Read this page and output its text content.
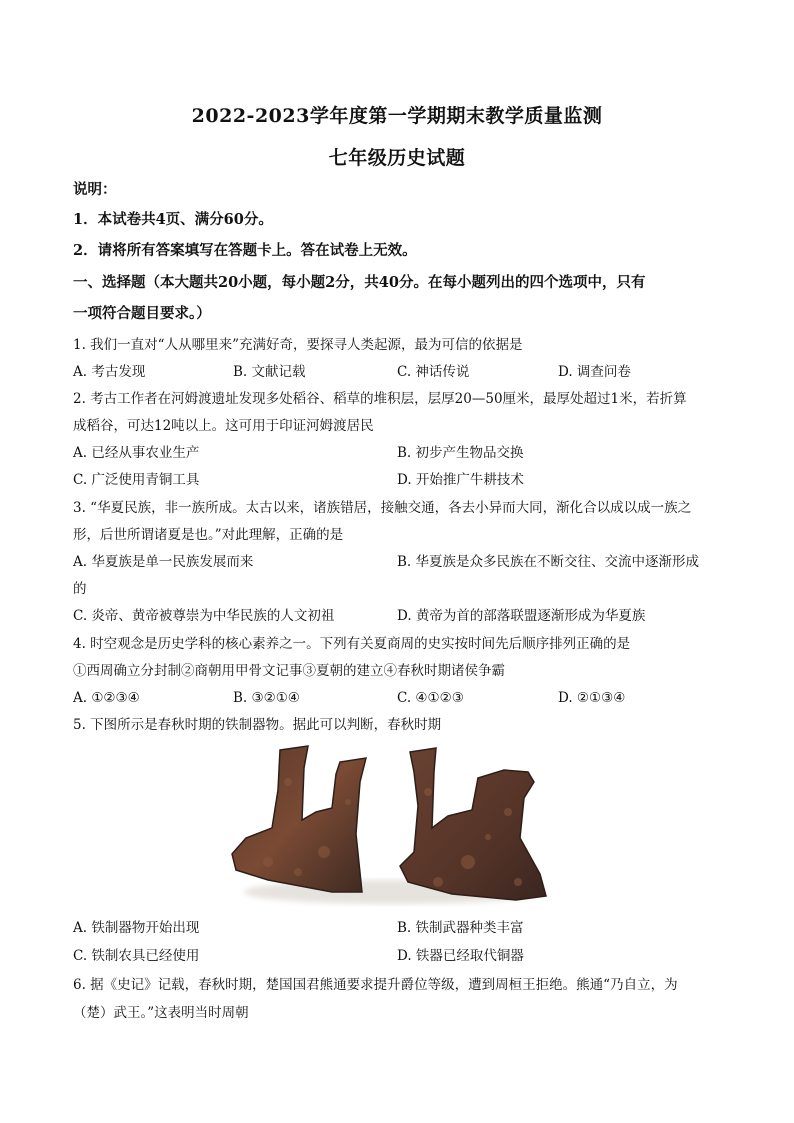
2022-2023学年度第一学期期末教学质量监测
七年级历史试题
说明：
1．本试卷共4页、满分60分。
2．请将所有答案填写在答题卡上。答在试卷上无效。
一、选择题（本大题共20小题，每小题2分，共40分。在每小题列出的四个选项中，只有
一项符合题目要求。）
1. 我们一直对“人从哪里来”充满好奇，要探寻人类起源，最为可信的依据是
A. 考古发现	B. 文献记载	C. 神话传说	D. 调查问卷
2. 考古工作者在河姆渡遗址发现多处稻谷、稻草的堆积层，层厚20—50厘米，最厚处超过1米，若折算
成稻谷，可达12吨以上。这可用于印证河姆渡居民
A. 已经从事农业生产	B. 初步产生物品交换
C. 广泛使用青铜工具	D. 开始推广牛耕技术
3. “华夏民族，非一族所成。太古以来，诸族错居，接触交通，各去小异而大同，渐化合以成以成一族之
形，后世所谓诸夏是也。”对此理解，正确的是
A. 华夏族是单一民族发展而来	B. 华夏族是众多民族在不断交往、交流中逐渐形成
的
C. 炎帝、黄帝被尊崇为中华民族的人文初祖	D. 黄帝为首的部落联盟逐渐形成为华夏族
4. 时空观念是历史学科的核心素养之一。下列有关夏商周的史实按时间先后顺序排列正确的是
①西周确立分封制②商朝用甲骨文记事③夏朝的建立④春秋时期诸侯争霸
A. ①②③④	B. ③②①④	C. ④①②③	D. ②①③④
5. 下图所示是春秋时期的铁制器物。据此可以判断，春秋时期
A. 铁制器物开始出现	B. 铁制武器种类丰富
C. 铁制农具已经使用	D. 铁器已经取代铜器
6. 据《史记》记载，春秋时期，楚国国君熊通要求提升爵位等级，遭到周桓王拒绝。熊通“乃自立，为
（楚）武王。”这表明当时周朝
